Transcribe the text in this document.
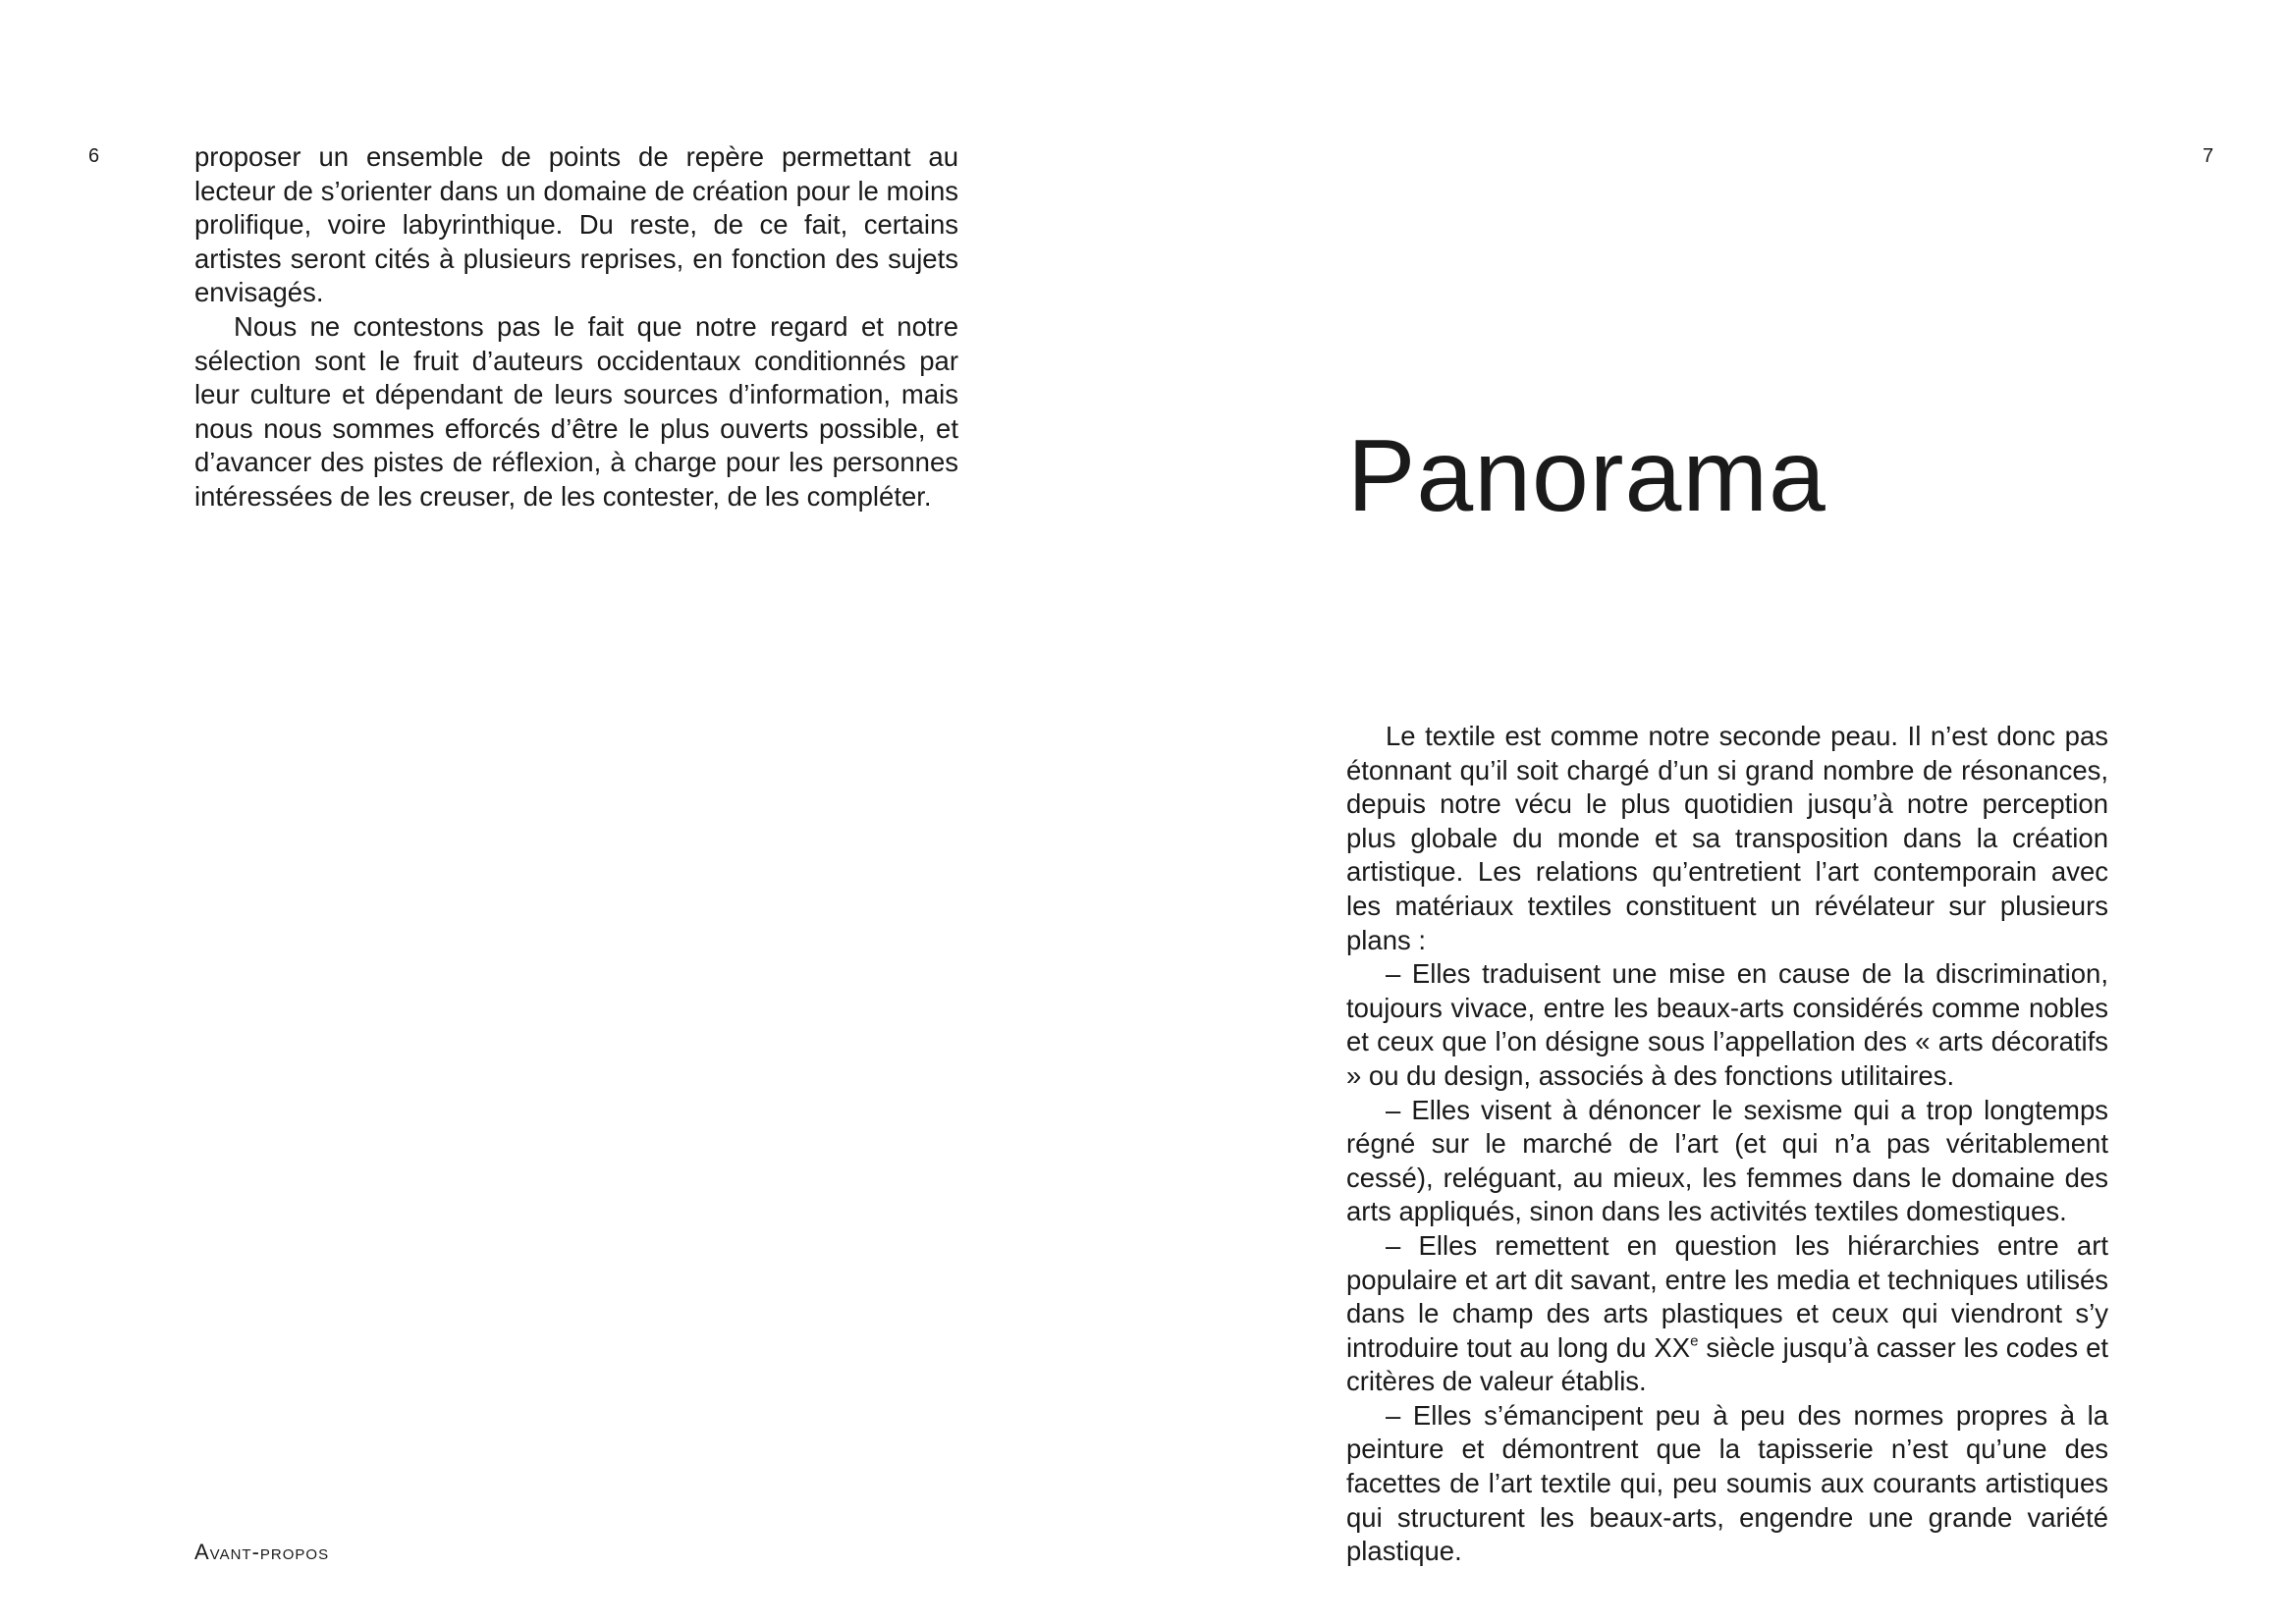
6	proposer un ensemble de points de repère permettant au lecteur de s’orienter dans un domaine de création pour le moins prolifique, voire labyrinthique. Du reste, de ce fait, certains artistes seront cités à plusieurs reprises, en fonction des sujets envisagés.

Nous ne contestons pas le fait que notre regard et notre sélection sont le fruit d’auteurs occidentaux conditionnés par leur culture et dépendant de leurs sources d’information, mais nous nous sommes efforcés d’être le plus ouverts possible, et d’avancer des pistes de réflexion, à charge pour les personnes intéressées de les creuser, de les contester, de les compléter.

Avant-propos
7
Panorama

Le textile est comme notre seconde peau. Il n’est donc pas étonnant qu’il soit chargé d’un si grand nombre de résonances, depuis notre vécu le plus quotidien jusqu’à notre perception plus globale du monde et sa transposition dans la création artistique. Les relations qu’entretient l’art contemporain avec les matériaux textiles constituent un révélateur sur plusieurs plans :

– Elles traduisent une mise en cause de la discrimination, toujours vivace, entre les beaux-arts considérés comme nobles et ceux que l’on désigne sous l’appellation des « arts décoratifs » ou du design, associés à des fonctions utilitaires.

– Elles visent à dénoncer le sexisme qui a trop longtemps régné sur le marché de l’art (et qui n’a pas véritablement cessé), reléguant, au mieux, les femmes dans le domaine des arts appliqués, sinon dans les activités textiles domestiques.

– Elles remettent en question les hiérarchies entre art populaire et art dit savant, entre les media et techniques utilisés dans le champ des arts plastiques et ceux qui viendront s’y introduire tout au long du XXe siècle jusqu’à casser les codes et critères de valeur établis.

– Elles s’émancipent peu à peu des normes propres à la peinture et démontrent que la tapisserie n’est qu’une des facettes de l’art textile qui, peu soumis aux courants artistiques qui structurent les beaux-arts, engendre une grande variété plastique.
